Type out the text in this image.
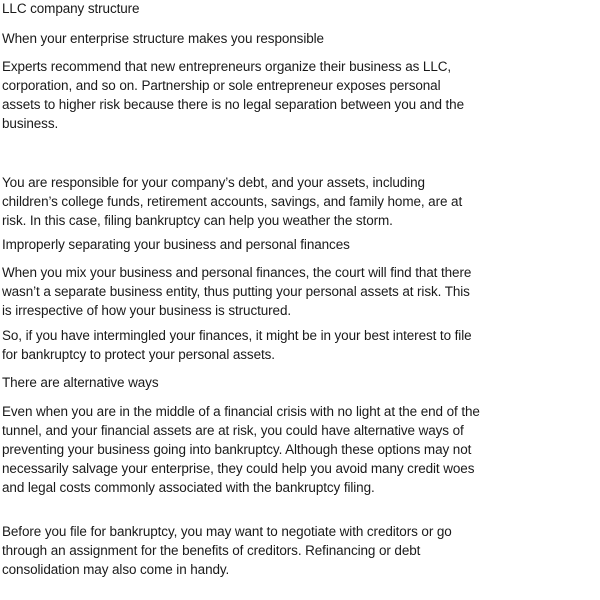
LLC company structure

When your enterprise structure makes you responsible

Experts recommend that new entrepreneurs organize their business as LLC, corporation, and so on. Partnership or sole entrepreneur exposes personal assets to higher risk because there is no legal separation between you and the business.

You are responsible for your company’s debt, and your assets, including children’s college funds, retirement accounts, savings, and family home, are at risk. In this case, filing bankruptcy can help you weather the storm.

Improperly separating your business and personal finances

When you mix your business and personal finances, the court will find that there wasn’t a separate business entity, thus putting your personal assets at risk. This is irrespective of how your business is structured.

So, if you have intermingled your finances, it might be in your best interest to file for bankruptcy to protect your personal assets.

There are alternative ways

Even when you are in the middle of a financial crisis with no light at the end of the tunnel, and your financial assets are at risk, you could have alternative ways of preventing your business going into bankruptcy. Although these options may not necessarily salvage your enterprise, they could help you avoid many credit woes and legal costs commonly associated with the bankruptcy filing.

Before you file for bankruptcy, you may want to negotiate with creditors or go through an assignment for the benefits of creditors. Refinancing or debt consolidation may also come in handy.
